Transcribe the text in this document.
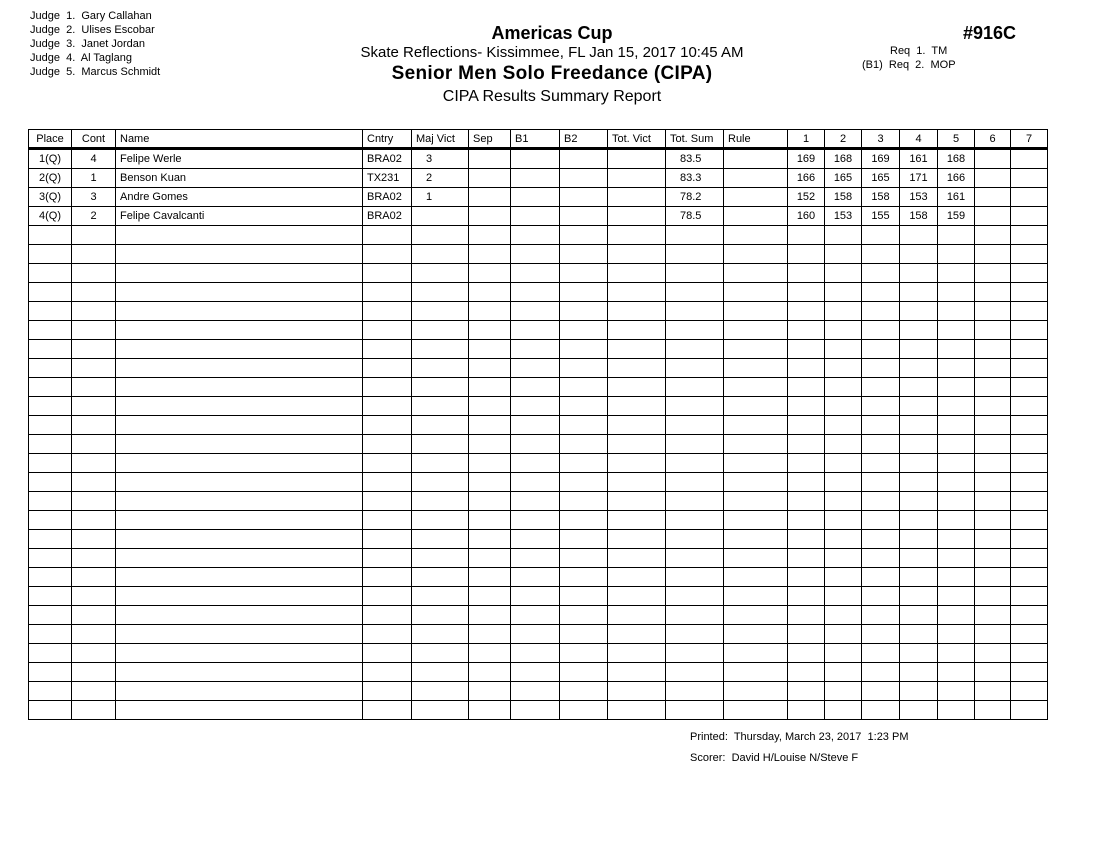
Judge  1.  Gary Callahan
Judge  2.  Ulises Escobar
Judge  3.  Janet Jordan
Judge  4.  Al Taglang
Judge  5.  Marcus Schmidt
Americas Cup
Skate Reflections- Kissimmee, FL Jan 15, 2017 10:45 AM
Senior Men Solo Freedance (CIPA)
CIPA Results Summary Report
#916C
Req  1.  TM
(B1)  Req  2.  MOP
Place	Cont	Name	Cntry	Maj Vict	Sep	B1	B2	Tot. Vict	Tot. Sum	Rule	1	2	3	4	5	6	7
1(Q)	4	Felipe Werle	BRA02	3					83.5		169	168	169	161	168		
2(Q)	1	Benson Kuan	TX231	2					83.3		166	165	165	171	166		
3(Q)	3	Andre Gomes	BRA02	1					78.2		152	158	158	153	161		
4(Q)	2	Felipe Cavalcanti	BRA02						78.5		160	153	155	158	159		

Printed:  Thursday, March 23, 2017  1:23 PM
Scorer:  David H/Louise N/Steve F
